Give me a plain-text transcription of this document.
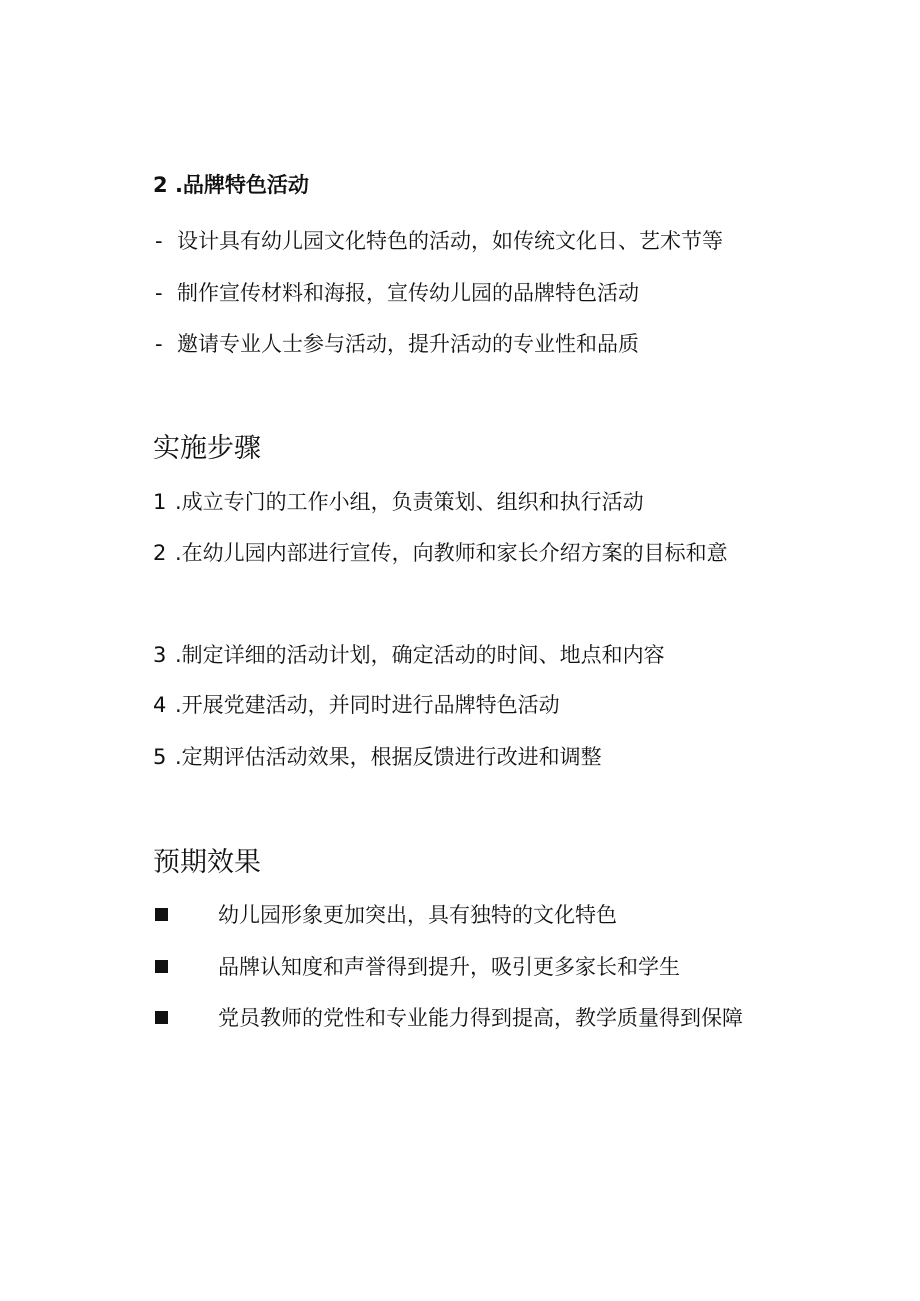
2 .品牌特色活动
- 设计具有幼儿园文化特色的活动，如传统文化日、艺术节等
- 制作宣传材料和海报，宣传幼儿园的品牌特色活动
- 邀请专业人士参与活动，提升活动的专业性和品质
实施步骤
1 .成立专门的工作小组，负责策划、组织和执行活动
2 .在幼儿园内部进行宣传，向教师和家长介绍方案的目标和意
3 .制定详细的活动计划，确定活动的时间、地点和内容
4 .开展党建活动，并同时进行品牌特色活动
5 .定期评估活动效果，根据反馈进行改进和调整
预期效果
幼儿园形象更加突出，具有独特的文化特色
品牌认知度和声誉得到提升，吸引更多家长和学生
党员教师的党性和专业能力得到提高，教学质量得到保障
